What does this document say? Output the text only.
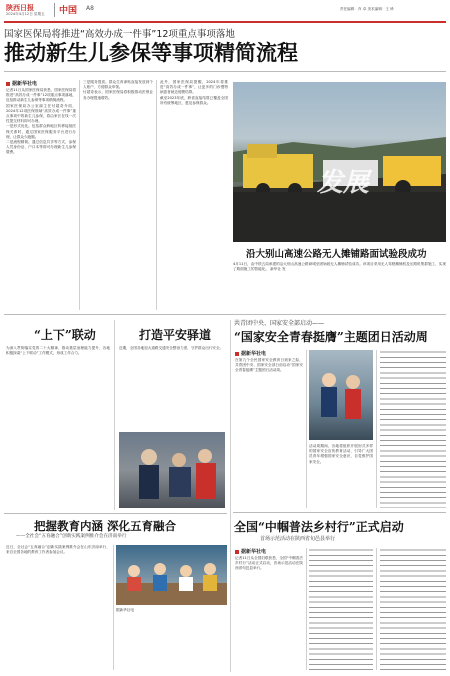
陕西日报
2024年4月12日 星期五 中国 A8	责任编辑：肖 卓 美术编辑：王 珍
国家医保局将推进“高效办成一件事”12项重点事项落地
推动新生儿参保等事项精简流程
据新华社电

记者11日从国家医保局获悉，国家医保局将推进“高效办成一件事”12项重点事项落地，包括推动新生儿参保等事项精简流程。

国家医保局办公室副主任付超奇介绍，2024年12项医保领域“高效办成一件事”重点事项中的新生儿参保，将由家长在线一次性提交材料即可办理。

一是形式优化。包括群众跨地区转移接续医保关系时，通过国家医保服务平台进行办理，让群众少跑腿。

二是流程精简。通过信息共享等方式，参保人凭身份证、户口本等即可办理新生儿参保缴费。

三是服务提质。群众生育津贴直接发放到个人账户，方便群众申领。

付超奇表示，国家医保局将积极推动医保业务办理提速增效。

此外，国家医保局提醒，2024年将推进“高效办成一件事”，让更多的门诊慢特病患者就近便捷结算。

截至2023年底，跨省直接结算已覆盖全国所有统筹地区，惠及参保群众。

发展
沿大别山高速公路无人摊铺路面试验段成功
4月11日，由中铁五局承建的沿大别山高速公路商城至固始段无人摊铺试验成功。该项目采用无人驾驶摊铺机及压路机集群施工，实现了路面施工的智能化。 新华社 发
“上下”联动
为深入贯彻落实党的二十大精神，推动基层治理能力提升，各地积极探索“上下联动”工作模式，形成工作合力。
打造平安驿道
近期，全国各地加大道路交通安全整治力度，守护群众出行安全。
把握教育内涵 深化五育融合
——全社会“五育融合”创新实践案例推介会在济南举行
近日，全社会“五育融合”创新实践案例推介会在山东济南举行，来自全国各地的教育工作者参加会议。
据新华社电
共青团中央、国家安全部启动——
“国家安全青春挺膺”主题团日活动周
据新华社电

在第九个全民国家安全教育日到来之际，共青团中央、国家安全部日前启动“国家安全青春挺膺”主题团日活动周。

活动周期间，各地将组织开展形式多样的国家安全宣传教育活动，引导广大团员青年增强国家安全意识，自觉维护国家安全。
全国“中帼普法乡村行”正式启动
首场示范活动在陕西省旬邑县举行
据新华社电
记者11日从全国妇联获悉，全国“中帼普法乡村行”活动正式启动，首场示范活动在陕西省旬邑县举行。
